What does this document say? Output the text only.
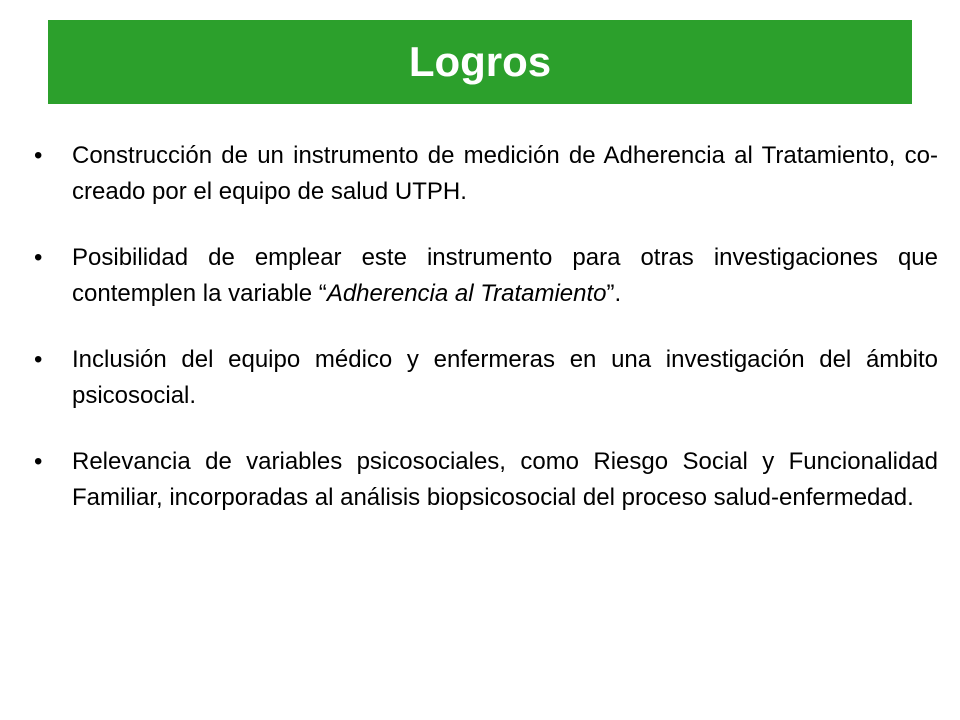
Logros
•	Construcción de un instrumento de medición de Adherencia al Tratamiento, co-creado por el equipo de salud UTPH.
•	Posibilidad de emplear este instrumento para otras investigaciones que contemplen la variable “Adherencia al Tratamiento”.
•	Inclusión del equipo médico y enfermeras en una investigación del ámbito psicosocial.
•	Relevancia de variables psicosociales, como Riesgo Social y Funcionalidad Familiar, incorporadas al análisis biopsicosocial del proceso salud-enfermedad.
